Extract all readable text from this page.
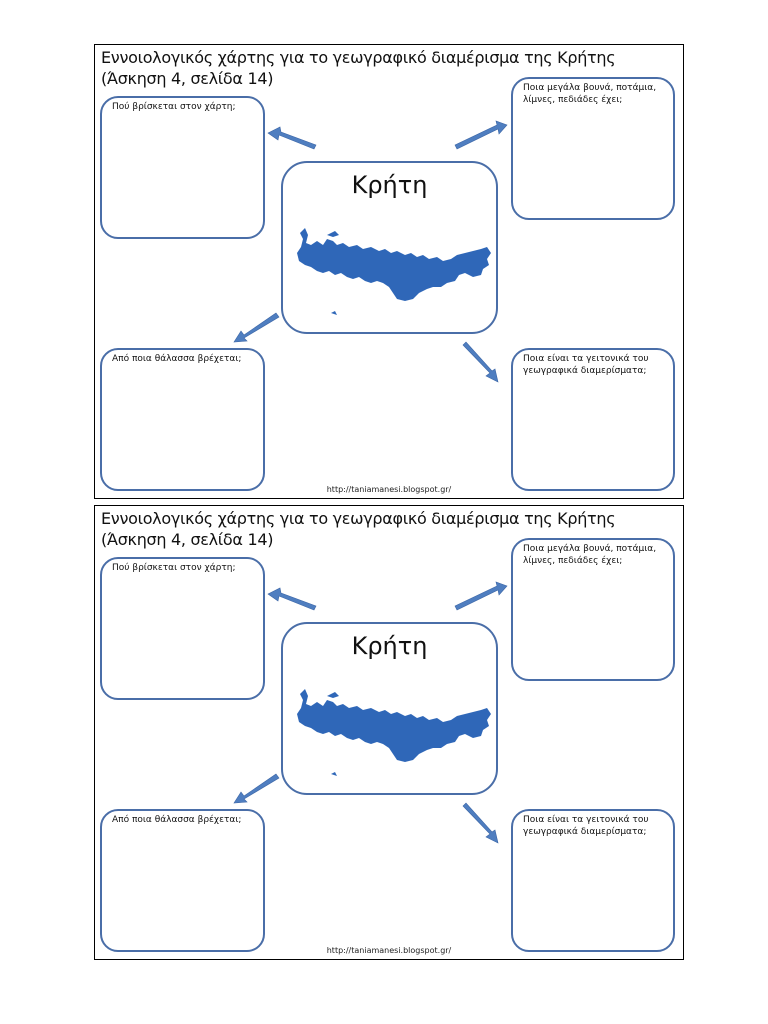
Εννοιολογικός χάρτης για το γεωγραφικό διαμέρισμα της Κρήτης
(Άσκηση 4, σελίδα 14)
Πού βρίσκεται στον χάρτη;
Ποια μεγάλα βουνά, ποτάμια, λίμνες, πεδιάδες έχει;
Από ποια θάλασσα βρέχεται;	Ποια είναι τα γειτονικά του γεωγραφικά διαμερίσματα;
Κρήτη
http://taniamanesi.blogspot.gr/
Εννοιολογικός χάρτης για το γεωγραφικό διαμέρισμα της Κρήτης
(Άσκηση 4, σελίδα 14)
Πού βρίσκεται στον χάρτη;
Ποια μεγάλα βουνά, ποτάμια, λίμνες, πεδιάδες έχει;
Από ποια θάλασσα βρέχεται;	Ποια είναι τα γειτονικά του γεωγραφικά διαμερίσματα;
Κρήτη
http://taniamanesi.blogspot.gr/
